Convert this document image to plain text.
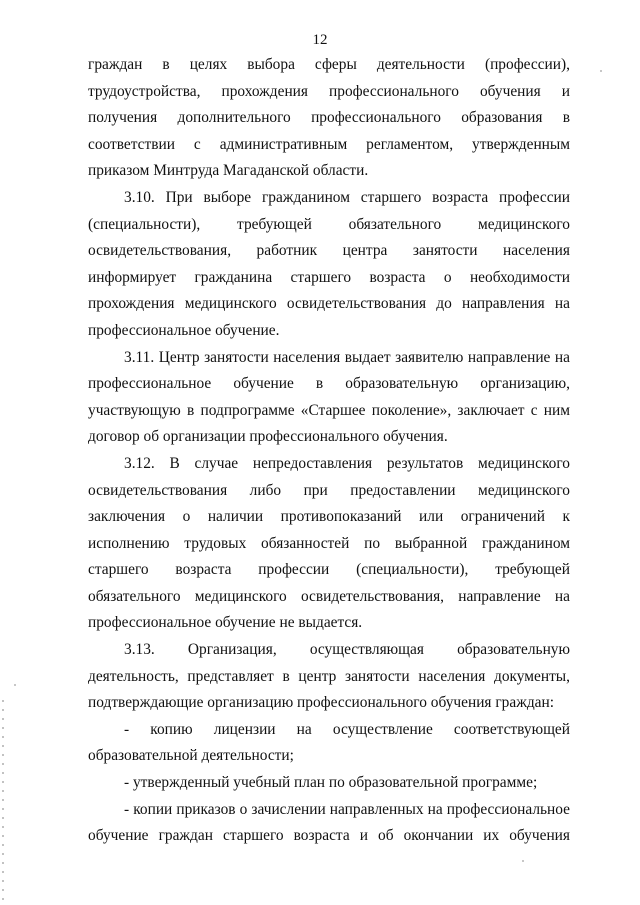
12

граждан в целях выбора сферы деятельности (профессии), трудоустройства, прохождения профессионального обучения и получения дополнительного профессионального образования в соответствии с административным регламентом, утвержденным приказом Минтруда Магаданской области.

3.10. При выборе гражданином старшего возраста профессии (специальности), требующей обязательного медицинского освидетельствования, работник центра занятости населения информирует гражданина старшего возраста о необходимости прохождения медицинского освидетельствования до направления на профессиональное обучение.

3.11. Центр занятости населения выдает заявителю направление на профессиональное обучение в образовательную организацию, участвующую в подпрограмме «Старшее поколение», заключает с ним договор об организации профессионального обучения.

3.12. В случае непредоставления результатов медицинского освидетельствования либо при предоставлении медицинского заключения о наличии противопоказаний или ограничений к исполнению трудовых обязанностей по выбранной гражданином старшего возраста профессии (специальности), требующей обязательного медицинского освидетельствования, направление на профессиональное обучение не выдается.

3.13. Организация, осуществляющая образовательную деятельность, представляет в центр занятости населения документы, подтверждающие организацию профессионального обучения граждан:

- копию лицензии на осуществление соответствующей образовательной деятельности;

- утвержденный учебный план по образовательной программе;

- копии приказов о зачислении направленных на профессиональное обучение граждан старшего возраста и об окончании их обучения
